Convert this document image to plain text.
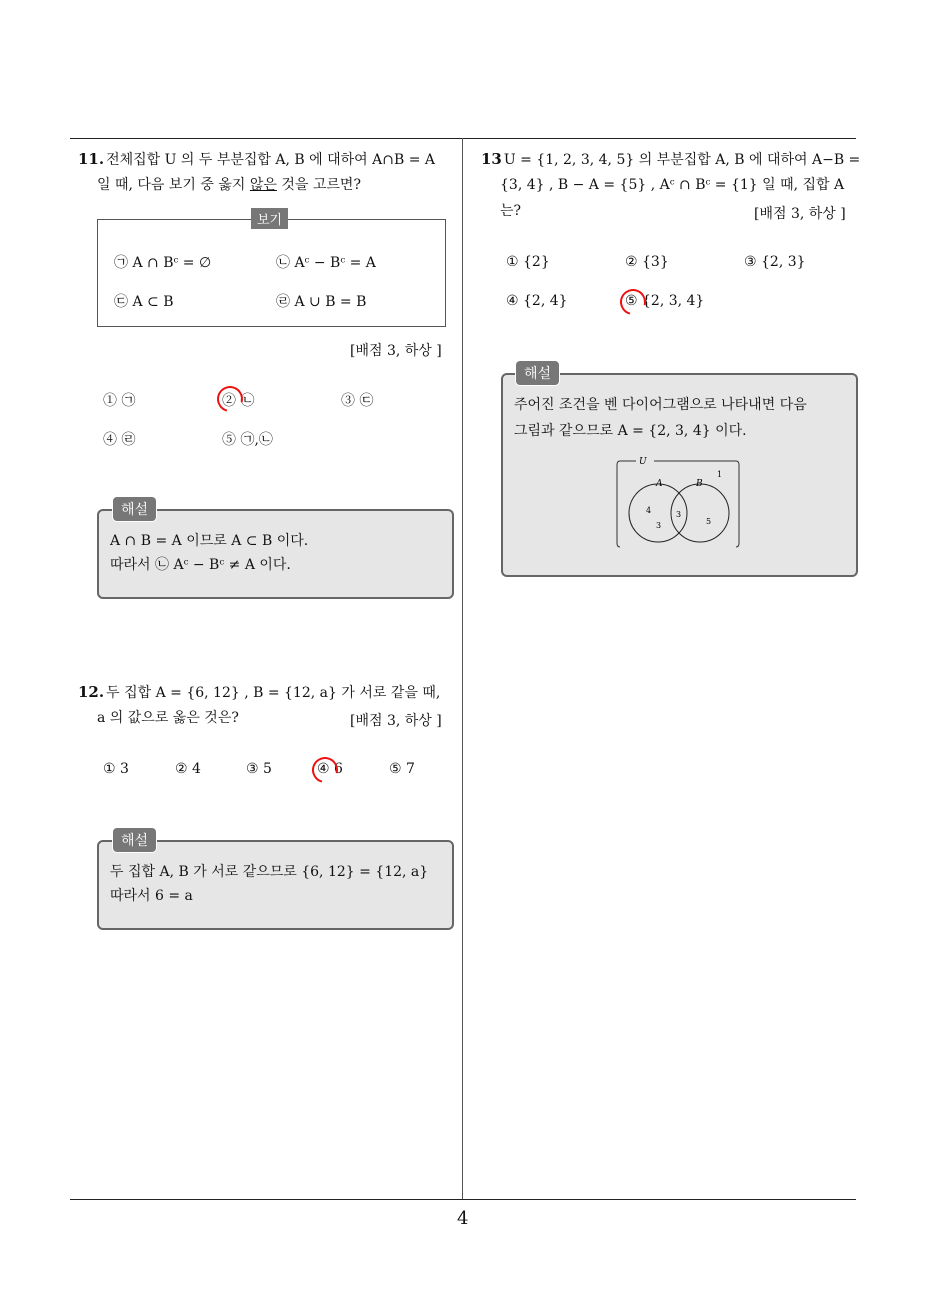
4
11. 전체집합 U 의 두 부분집합 A, B 에 대하여 A∩B = A
일 때, 다음 보기 중 옳지 않은 것을 고르면?
보기
㉠ A ∩ Bᶜ = ∅	㉡ Aᶜ − Bᶜ = A
㉢ A ⊂ B	㉣ A ∪ B = B
[배점 3, 하상 ]
① ㉠	② ㉡	③ ㉢
④ ㉣	⑤ ㉠,㉡
해설
A ∩ B = A 이므로 A ⊂ B 이다.
따라서 ㉡ Aᶜ − Bᶜ ≠ A 이다.
12. 두 집합 A = {6, 12} , B = {12, a} 가 서로 같을 때,
a 의 값으로 옳은 것은?	[배점 3, 하상 ]
① 3	② 4	③ 5	④ 6	⑤ 7
해설
두 집합 A, B 가 서로 같으므로 {6, 12} = {12, a}
따라서 6 = a
13 U = {1, 2, 3, 4, 5} 의 부분집합 A, B 에 대하여 A−B =
{3, 4} , B − A = {5} , Aᶜ ∩ Bᶜ = {1} 일 때, 집합 A
는?	[배점 3, 하상 ]
① {2}	② {3}	③ {2, 3}
④ {2, 4}	⑤ {2, 3, 4}
해설
주어진 조건을 벤 다이어그램으로 나타내면 다음
그림과 같으므로 A = {2, 3, 4} 이다.
U
A	B
1
4
3
3
5
